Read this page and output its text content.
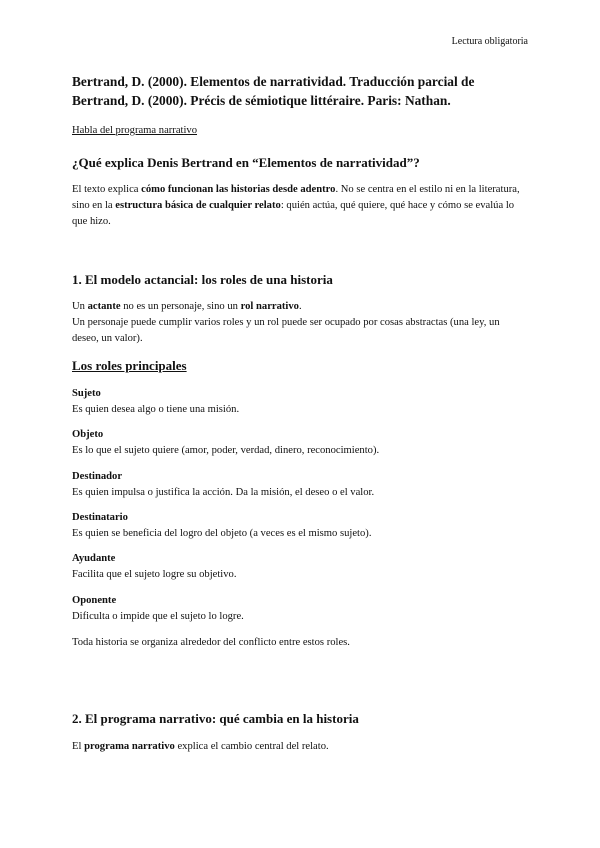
Lectura obligatoria
Bertrand, D. (2000). Elementos de narratividad. Traducción parcial de Bertrand, D. (2000). Précis de sémiotique littéraire. Paris: Nathan.
Habla del programa narrativo
¿Qué explica Denis Bertrand en “Elementos de narratividad”?
El texto explica cómo funcionan las historias desde adentro. No se centra en el estilo ni en la literatura, sino en la estructura básica de cualquier relato: quién actúa, qué quiere, qué hace y cómo se evalúa lo que hizo.
1. El modelo actancial: los roles de una historia
Un actante no es un personaje, sino un rol narrativo.
Un personaje puede cumplir varios roles y un rol puede ser ocupado por cosas abstractas (una ley, un deseo, un valor).
Los roles principales
Sujeto
Es quien desea algo o tiene una misión.
Objeto
Es lo que el sujeto quiere (amor, poder, verdad, dinero, reconocimiento).
Destinador
Es quien impulsa o justifica la acción. Da la misión, el deseo o el valor.
Destinatario
Es quien se beneficia del logro del objeto (a veces es el mismo sujeto).
Ayudante
Facilita que el sujeto logre su objetivo.
Oponente
Dificulta o impide que el sujeto lo logre.
Toda historia se organiza alrededor del conflicto entre estos roles.
2. El programa narrativo: qué cambia en la historia
El programa narrativo explica el cambio central del relato.
